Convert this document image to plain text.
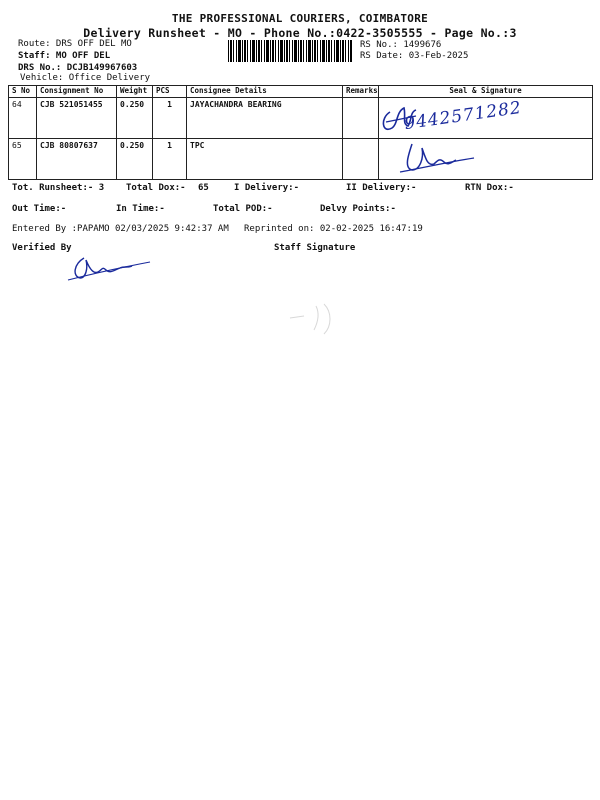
THE PROFESSIONAL COURIERS, COIMBATORE
Delivery Runsheet - MO - Phone No.:0422-3505555 - Page No.:3
Route: DRS OFF DEL MO
Staff: MO OFF DEL
DRS No.: DCJB149967603
Vehicle: Office Delivery
RS No.: 1499676
RS Date: 03-Feb-2025
S No	Consignment No	Weight	PCS	Consignee Details	Remarks	Seal & Signature
64	CJB 521051455	0.250	1	JAYACHANDRA BEARING		
65	CJB 80807637	0.250	1	TPC		
9442571282
Tot. Runsheet:- 3 Total Dox:- 65	I Delivery:-	II Delivery:-	RTN Dox:-
Out Time:-	In Time:-	Total POD:-	Delvy Points:-
Entered By :PAPAMO 02/03/2025 9:42:37 AM Reprinted on: 02-02-2025 16:47:19
Verified By	Staff Signature
